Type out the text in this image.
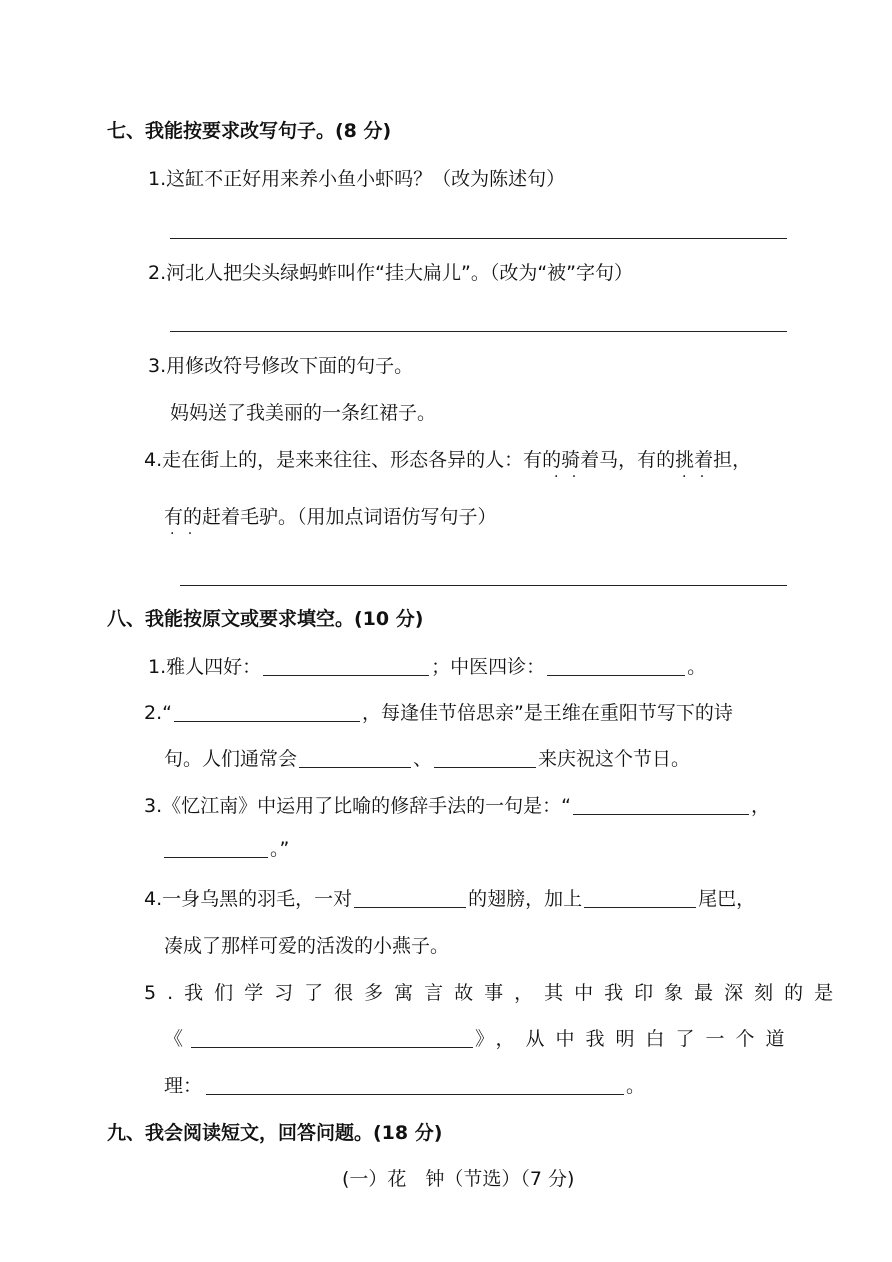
七、我能按要求改写句子。(8 分)
1.这缸不正好用来养小鱼小虾吗？（改为陈述句）
2.河北人把尖头绿蚂蚱叫作“挂大扁儿”。（改为“被”字句）
3.用修改符号修改下面的句子。
妈妈送了我美丽的一条红裙子。
4.走在街上的，是来来往往、形态各异的人：有的骑着马，有的挑着担，
·   ·	·   ·
有的赶着毛驴。（用加点词语仿写句子）
·   ·
八、我能按原文或要求填空。(10 分)
1.雅人四好：	；中医四诊：	。
2.“	，每逢佳节倍思亲”是王维在重阳节写下的诗
句。人们通常会	、	来庆祝这个节日。
3.《忆江南》中运用了比喻的修辞手法的一句是：“	，
。”
4.一身乌黑的羽毛，一对	的翅膀，加上	尾巴，
凑成了那样可爱的活泼的小燕子。
5.我们学习了很多寓言故事，其中我印象最深刻的是
《	》，从中我明白了一个道
理：	。
九、我会阅读短文，回答问题。(18 分)
(一）花　钟（节选）（7 分)
